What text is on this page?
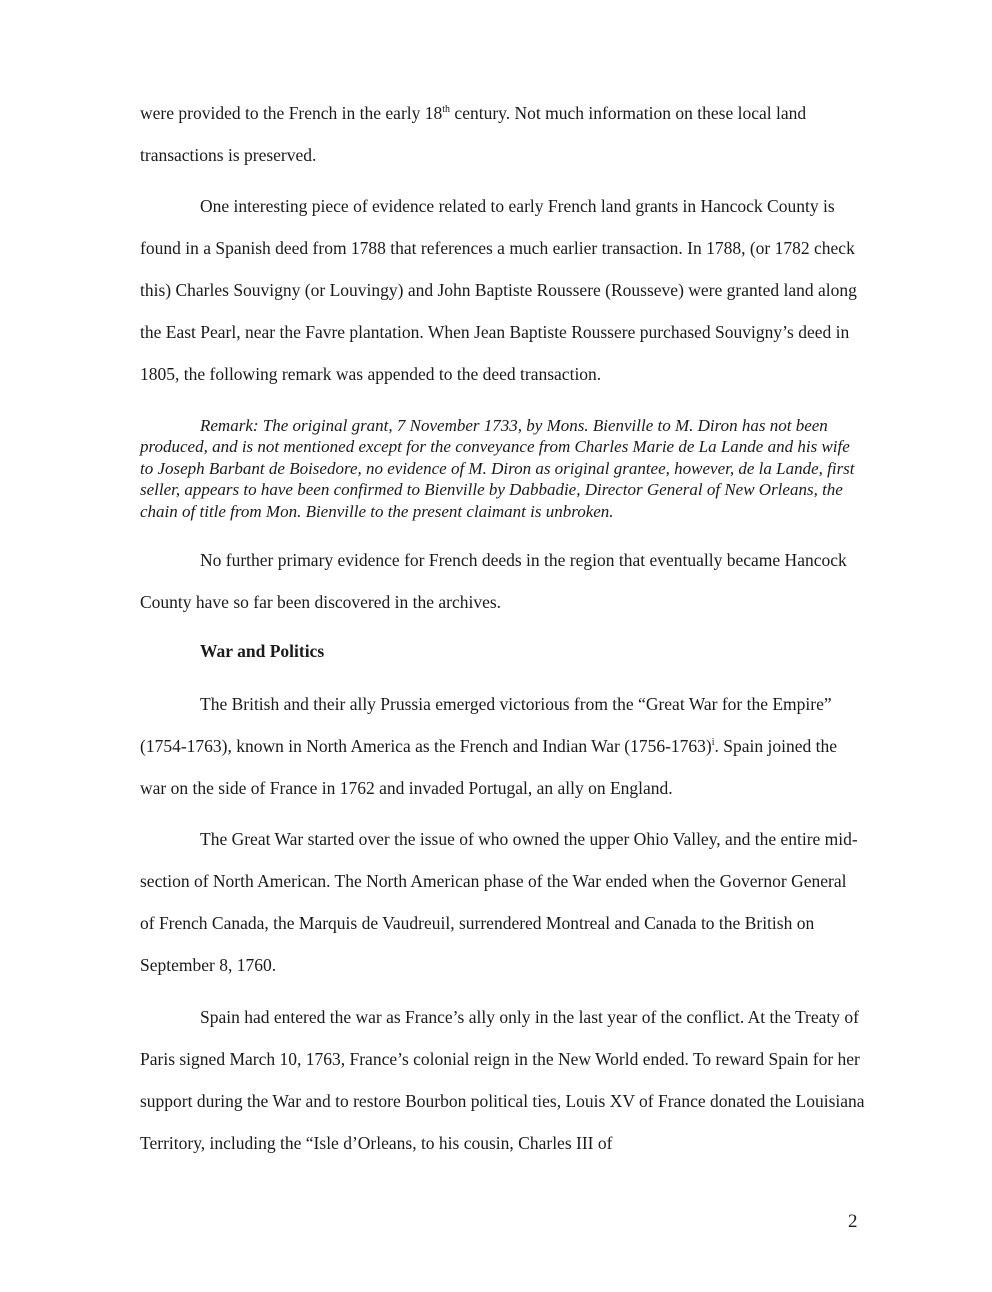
were provided to the French in the early 18th century. Not much information on these local land transactions is preserved.

One interesting piece of evidence related to early French land grants in Hancock County is found in a Spanish deed from 1788 that references a much earlier transaction. In 1788, (or 1782 check this) Charles Souvigny (or Louvingy) and John Baptiste Roussere (Rousseve) were granted land along the East Pearl, near the Favre plantation. When Jean Baptiste Roussere purchased Souvigny’s deed in 1805, the following remark was appended to the deed transaction.

Remark: The original grant, 7 November 1733, by Mons. Bienville to M. Diron has not been produced, and is not mentioned except for the conveyance from Charles Marie de La Lande and his wife to Joseph Barbant de Boisedore, no evidence of M. Diron as original grantee, however, de la Lande, first seller, appears to have been confirmed to Bienville by Dabbadie, Director General of New Orleans, the chain of title from Mon. Bienville to the present claimant is unbroken.

No further primary evidence for French deeds in the region that eventually became Hancock County have so far been discovered in the archives.

War and Politics

The British and their ally Prussia emerged victorious from the “Great War for the Empire” (1754-1763), known in North America as the French and Indian War (1756-1763)$^i$. Spain joined the war on the side of France in 1762 and invaded Portugal, an ally on England.

The Great War started over the issue of who owned the upper Ohio Valley, and the entire mid-section of North American. The North American phase of the War ended when the Governor General of French Canada, the Marquis de Vaudreuil, surrendered Montreal and Canada to the British on September 8, 1760.

Spain had entered the war as France’s ally only in the last year of the conflict. At the Treaty of Paris signed March 10, 1763, France’s colonial reign in the New World ended. To reward Spain for her support during the War and to restore Bourbon political ties, Louis XV of France donated the Louisiana Territory, including the “Isle d’Orleans, to his cousin, Charles III of

2
